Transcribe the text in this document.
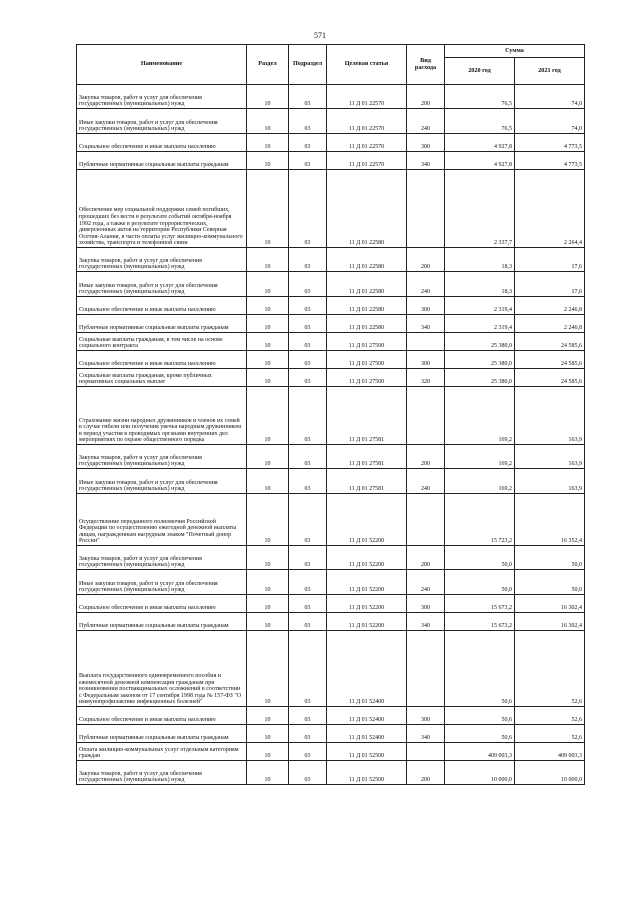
571
Наименование	Раздел	Подраздел	Целевая статья	Вид расхода	Сумма	
					2020 год	2021 год
Закупка товаров, работ и услуг для обеспечения государственных (муниципальных) нужд	10	03	11 Д 01 22570	200	76,5	74,0
Иные закупки товаров, работ и услуг для обеспечения государственных (муниципальных) нужд	10	03	11 Д 01 22570	240	76,5	74,0
Социальное обеспечение и иные выплаты населению	10	03	11 Д 01 22570	300	4 927,8	4 773,5
Публичные нормативные социальные выплаты гражданам	10	03	11 Д 01 22570	340	4 927,8	4 773,5
Обеспечение мер социальной поддержки семей погибших, прошедших без вести в результате событий октября-ноября 1992 года, а также в результате террористических, диверсионных актов на территории Республики Северная Осетия-Алания, в части оплаты услуг жилищно-коммунального хозяйства, транспорта и телефонной связи	10	03	11 Д 01 22580		2 337,7	2 264,4
Закупка товаров, работ и услуг для обеспечения государственных (муниципальных) нужд	10	03	11 Д 01 22580	200	18,3	17,6
Иные закупки товаров, работ и услуг для обеспечения государственных (муниципальных) нужд	10	03	11 Д 01 22580	240	18,3	17,6
Социальное обеспечение и иные выплаты населению	10	03	11 Д 01 22580	300	2 319,4	2 246,8
Публичные нормативные социальные выплаты гражданам	10	03	11 Д 01 22580	340	2 319,4	2 246,8
Социальные выплаты гражданам, в том числе на основе социального контракта	10	03	11 Д 01 27500		25 380,0	24 585,6
Социальное обеспечение и иные выплаты населению	10	03	11 Д 01 27500	300	25 380,0	24 585,6
Социальные выплаты гражданам, кроме публичных нормативных социальных выплат	10	03	11 Д 01 27500	320	25 380,0	24 585,6
Страхование жизни народных дружинников и членов их семей в случае гибели или получения увечья народным дружинником в период участия в проводимых органами внутренних дел мероприятиях по охране общественного порядка	10	03	11 Д 01 27581		169,2	163,9
Закупка товаров, работ и услуг для обеспечения государственных (муниципальных) нужд	10	03	11 Д 01 27581	200	169,2	163,9
Иные закупки товаров, работ и услуг для обеспечения государственных (муниципальных) нужд	10	03	11 Д 01 27581	240	169,2	163,9
Осуществление переданного полномочия Российской Федерации по осуществлению ежегодной денежной выплаты лицам, награжденным нагрудным знаком "Почетный донор России"	10	03	11 Д 01 52200		15 723,2	16 352,4
Закупка товаров, работ и услуг для обеспечения государственных (муниципальных) нужд	10	03	11 Д 01 52200	200	50,0	50,0
Иные закупки товаров, работ и услуг для обеспечения государственных (муниципальных) нужд	10	03	11 Д 01 52200	240	50,0	50,0
Социальное обеспечение и иные выплаты населению	10	03	11 Д 01 52200	300	15 673,2	16 302,4
Публичные нормативные социальные выплаты гражданам	10	03	11 Д 01 52200	340	15 673,2	16 302,4
Выплата государственного единовременного пособия и ежемесячной денежной компенсации гражданам при возникновении поствакцинальных осложнений в соответствии с Федеральным законом от 17 сентября 1998 года № 157-ФЗ "О иммунопрофилактике инфекционных болезней"	10	03	11 Д 01 52400		50,6	52,6
Социальное обеспечение и иные выплаты населению	10	03	11 Д 01 52400	300	50,6	52,6
Публичные нормативные социальные выплаты гражданам	10	03	11 Д 01 52400	340	50,6	52,6
Оплата жилищно-коммунальных услуг отдельным категориям граждан	10	03	11 Д 01 52500		409 003,3	409 003,3
Закупка товаров, работ и услуг для обеспечения государственных (муниципальных) нужд	10	03	11 Д 01 52500	200	10 000,0	10 000,0
